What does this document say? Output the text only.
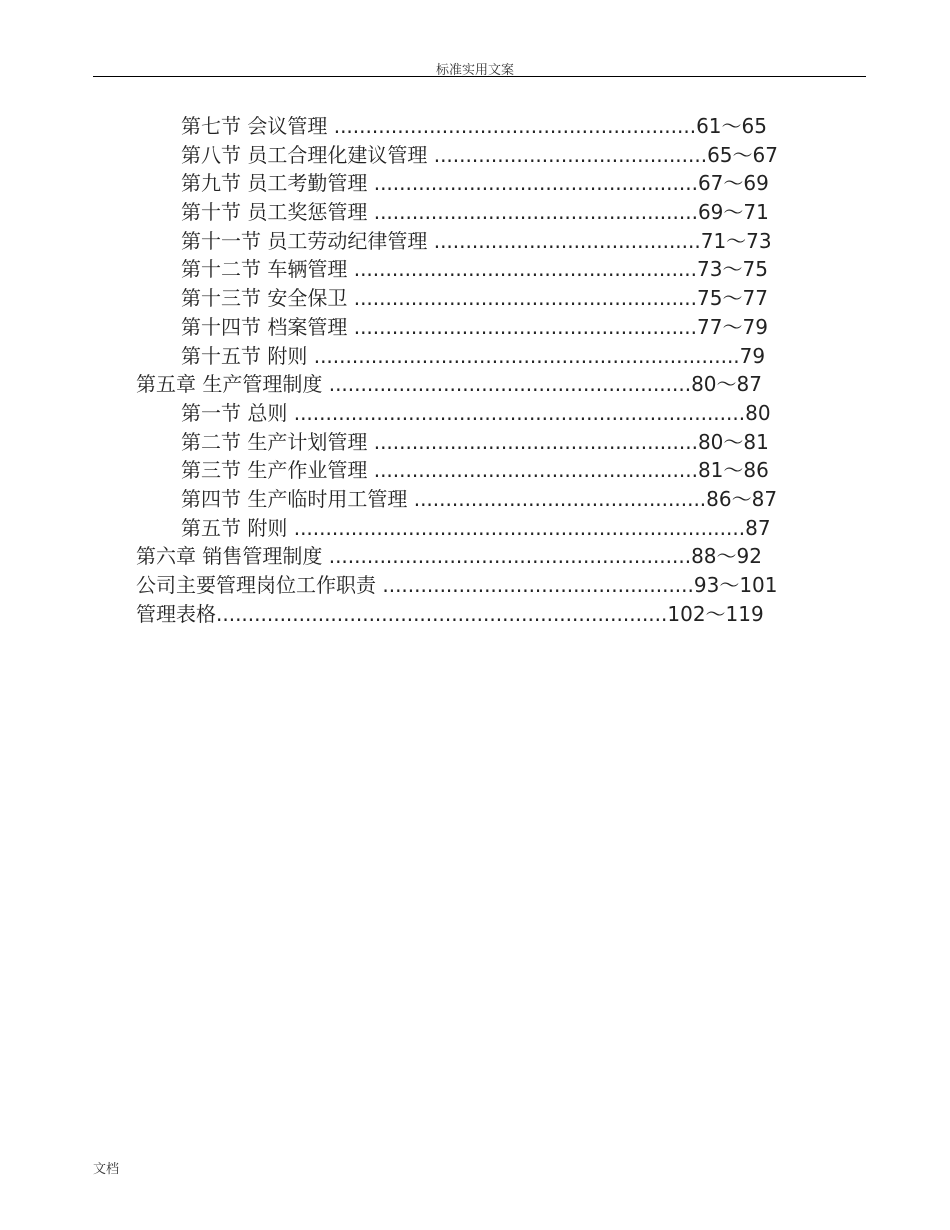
标准实用文案
第七节 会议管理 .........................................................61～65
第八节 员工合理化建议管理 ...........................................65～67
第九节 员工考勤管理 ...................................................67～69
第十节 员工奖惩管理 ...................................................69～71
第十一节 员工劳动纪律管理 ..........................................71～73
第十二节 车辆管理 ......................................................73～75
第十三节 安全保卫 ......................................................75～77
第十四节 档案管理 ......................................................77～79
第十五节 附则 ...................................................................79
第五章 生产管理制度 .........................................................80～87
第一节 总则 .......................................................................80
第二节 生产计划管理 ...................................................80～81
第三节 生产作业管理 ...................................................81～86
第四节 生产临时用工管理 ..............................................86～87
第五节 附则 .......................................................................87
第六章 销售管理制度 .........................................................88～92
公司主要管理岗位工作职责 .................................................93～101
管理表格.......................................................................102～119
文档
